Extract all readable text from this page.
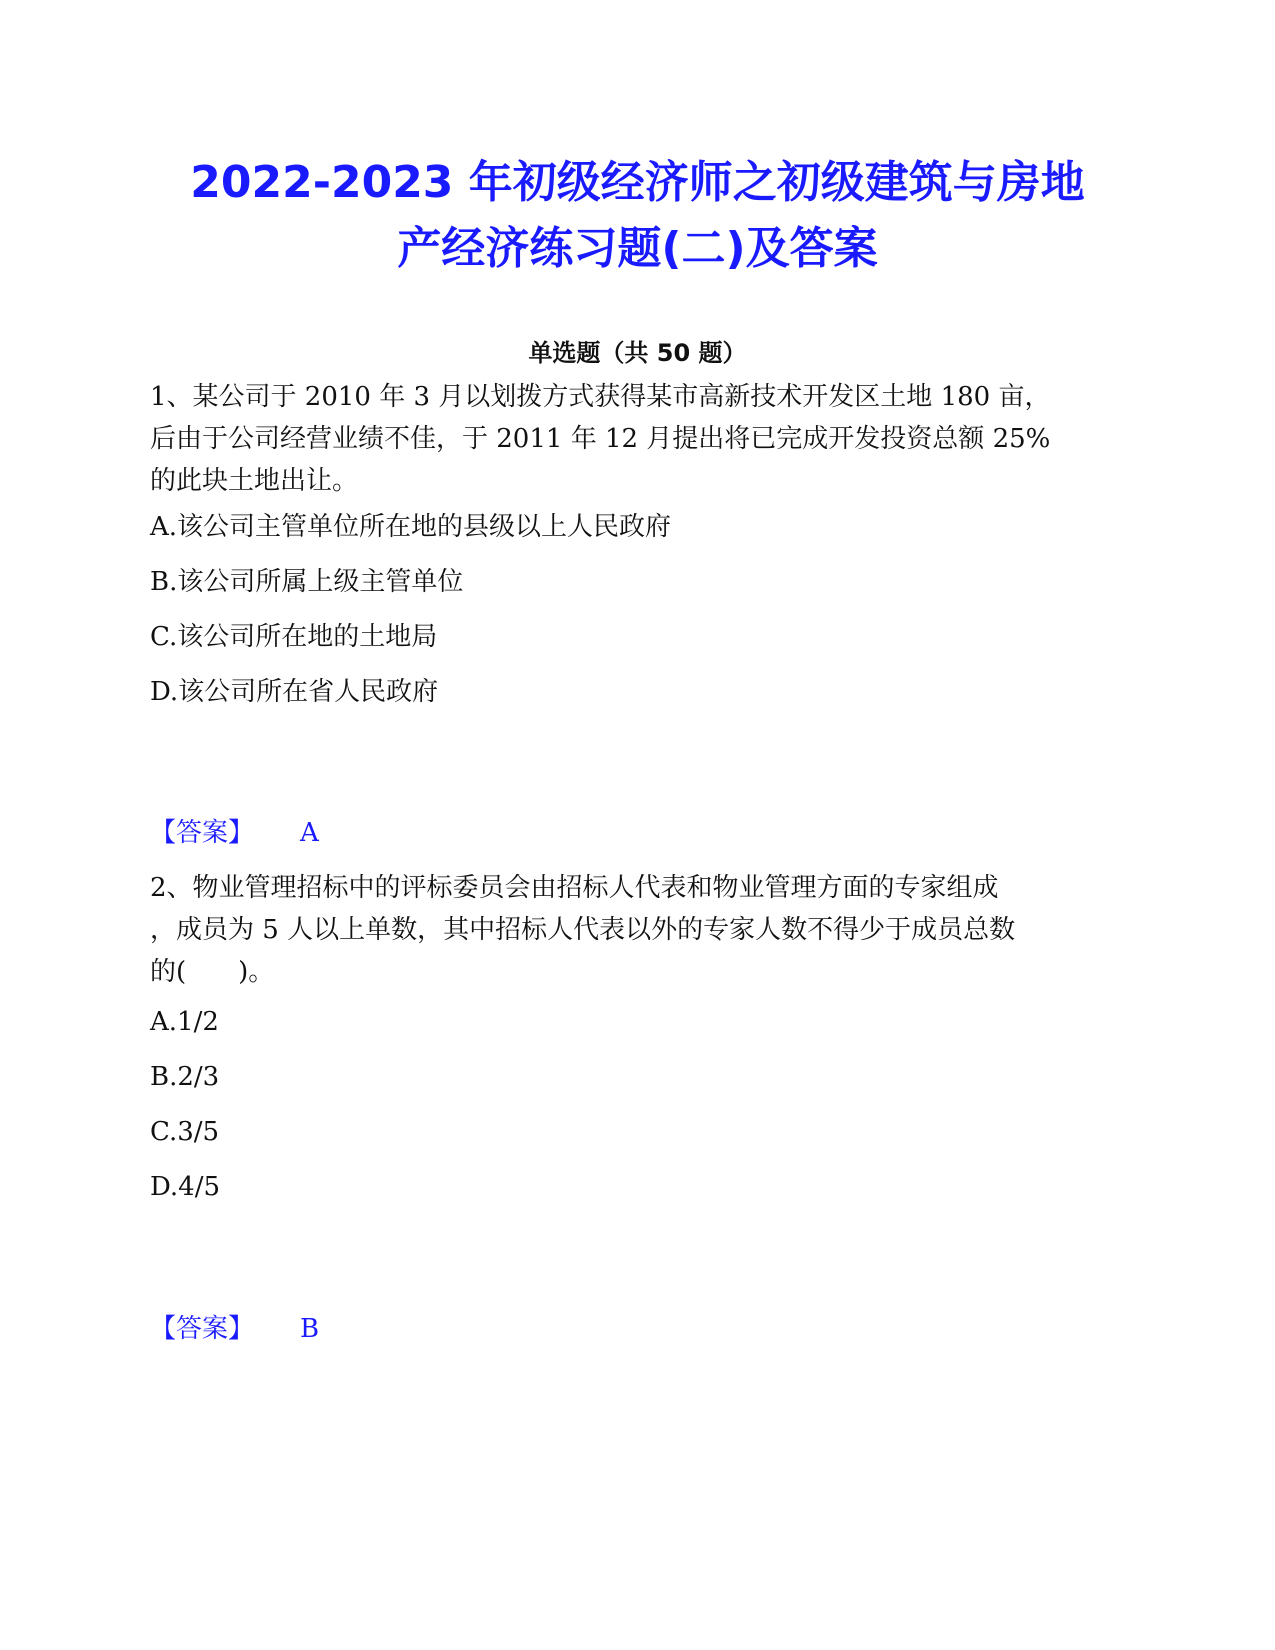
2022-2023 年初级经济师之初级建筑与房地
产经济练习题(二)及答案
单选题（共 50 题）
1、某公司于 2010 年 3 月以划拨方式获得某市高新技术开发区土地 180 亩，
后由于公司经营业绩不佳，于 2011 年 12 月提出将已完成开发投资总额 25%
的此块土地出让。
A.该公司主管单位所在地的县级以上人民政府
B.该公司所属上级主管单位
C.该公司所在地的土地局
D.该公司所在省人民政府
【答案】 A
2、物业管理招标中的评标委员会由招标人代表和物业管理方面的专家组成
，成员为 5 人以上单数，其中招标人代表以外的专家人数不得少于成员总数
的(　　)。
A.1/2
B.2/3
C.3/5
D.4/5
【答案】 B
